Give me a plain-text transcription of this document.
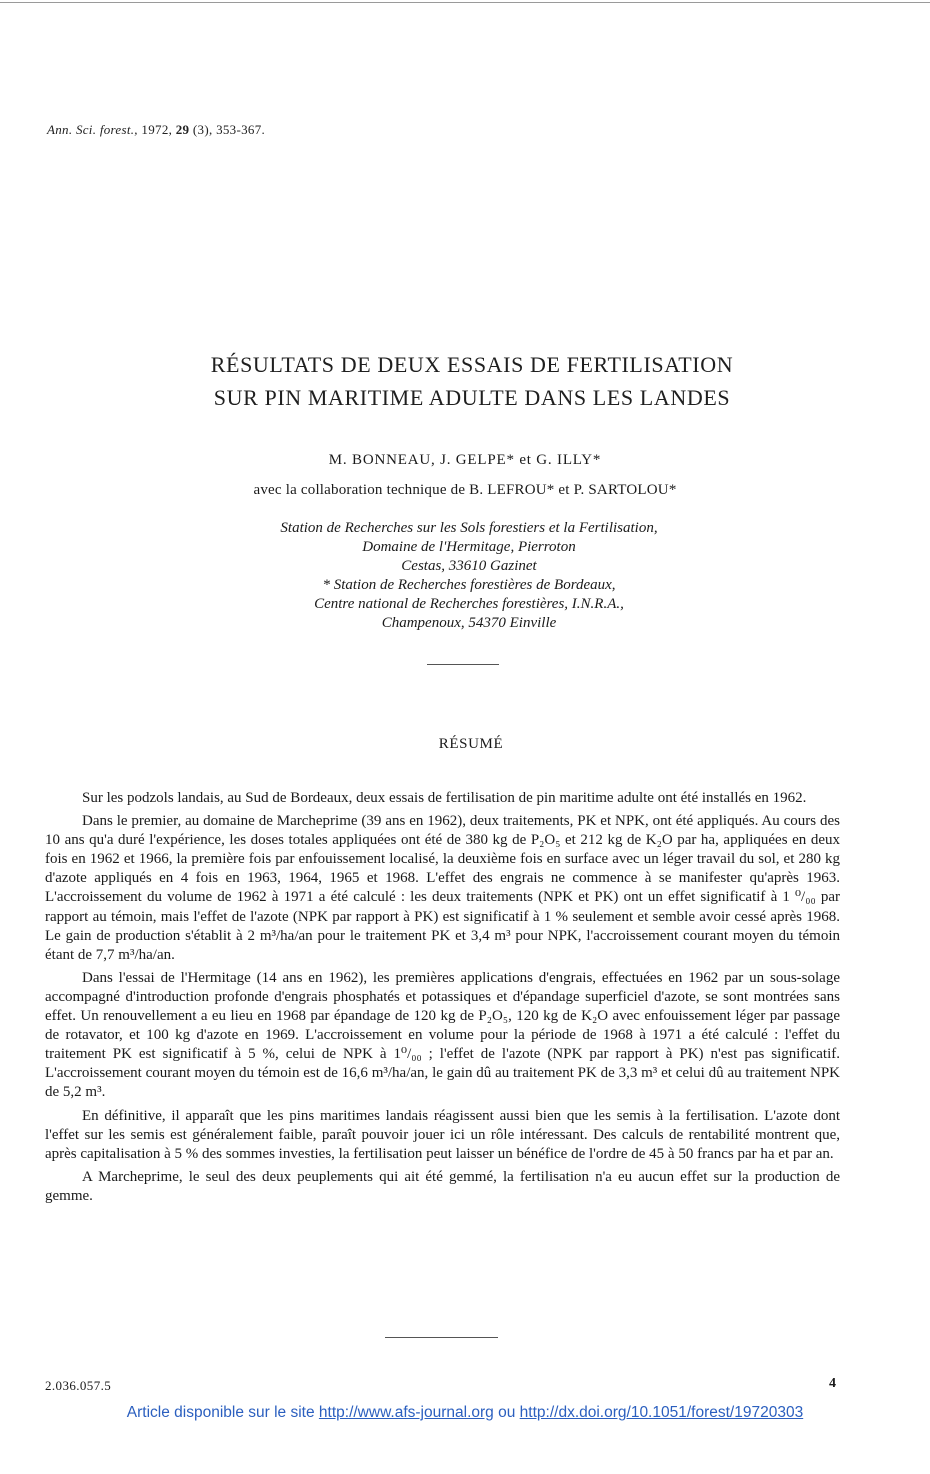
Ann. Sci. forest., 1972, 29 (3), 353-367.
RÉSULTATS DE DEUX ESSAIS DE FERTILISATION
SUR PIN MARITIME ADULTE DANS LES LANDES
M. BONNEAU, J. GELPE* et G. ILLY*
avec la collaboration technique de B. LEFROU* et P. SARTOLOU*
Station de Recherches sur les Sols forestiers et la Fertilisation,
Domaine de l'Hermitage, Pierroton
Cestas, 33610 Gazinet
* Station de Recherches forestières de Bordeaux,
Centre national de Recherches forestières, I.N.R.A.,
Champenoux, 54370 Einville
RÉSUMÉ

Sur les podzols landais, au Sud de Bordeaux, deux essais de fertilisation de pin maritime adulte ont été installés en 1962.

Dans le premier, au domaine de Marcheprime (39 ans en 1962), deux traitements, PK et NPK, ont été appliqués. Au cours des 10 ans qu'a duré l'expérience, les doses totales appliquées ont été de 380 kg de P₂O₅ et 212 kg de K₂O par ha, appliquées en deux fois en 1962 et 1966, la première fois par enfouissement localisé, la deuxième fois en surface avec un léger travail du sol, et 280 kg d'azote appliqués en 4 fois en 1963, 1964, 1965 et 1968. L'effet des engrais ne commence à se manifester qu'après 1963. L'accroissement du volume de 1962 à 1971 a été calculé : les deux traitements (NPK et PK) ont un effet significatif à 1 ⁰/₀₀ par rapport au témoin, mais l'effet de l'azote (NPK par rapport à PK) est significatif à 1 % seulement et semble avoir cessé après 1968. Le gain de production s'établit à 2 m³/ha/an pour le traitement PK et 3,4 m³ pour NPK, l'accroissement courant moyen du témoin étant de 7,7 m³/ha/an.

Dans l'essai de l'Hermitage (14 ans en 1962), les premières applications d'engrais, effectuées en 1962 par un sous-solage accompagné d'introduction profonde d'engrais phosphatés et potassiques et d'épandage superficiel d'azote, se sont montrées sans effet. Un renouvellement a eu lieu en 1968 par épandage de 120 kg de P₂O₅, 120 kg de K₂O avec enfouissement léger par passage de rotavator, et 100 kg d'azote en 1969. L'accroissement en volume pour la période de 1968 à 1971 a été calculé : l'effet du traitement PK est significatif à 5 %, celui de NPK à 1⁰/₀₀ ; l'effet de l'azote (NPK par rapport à PK) n'est pas significatif. L'accroissement courant moyen du témoin est de 16,6 m³/ha/an, le gain dû au traitement PK de 3,3 m³ et celui dû au traitement NPK de 5,2 m³.

En définitive, il apparaît que les pins maritimes landais réagissent aussi bien que les semis à la fertilisation. L'azote dont l'effet sur les semis est généralement faible, paraît pouvoir jouer ici un rôle intéressant. Des calculs de rentabilité montrent que, après capitalisation à 5 % des sommes investies, la fertilisation peut laisser un bénéfice de l'ordre de 45 à 50 francs par ha et par an.

A Marcheprime, le seul des deux peuplements qui ait été gemmé, la fertilisation n'a eu aucun effet sur la production de gemme.

2.036.057.5	4
Article disponible sur le site http://www.afs-journal.org ou http://dx.doi.org/10.1051/forest/19720303
